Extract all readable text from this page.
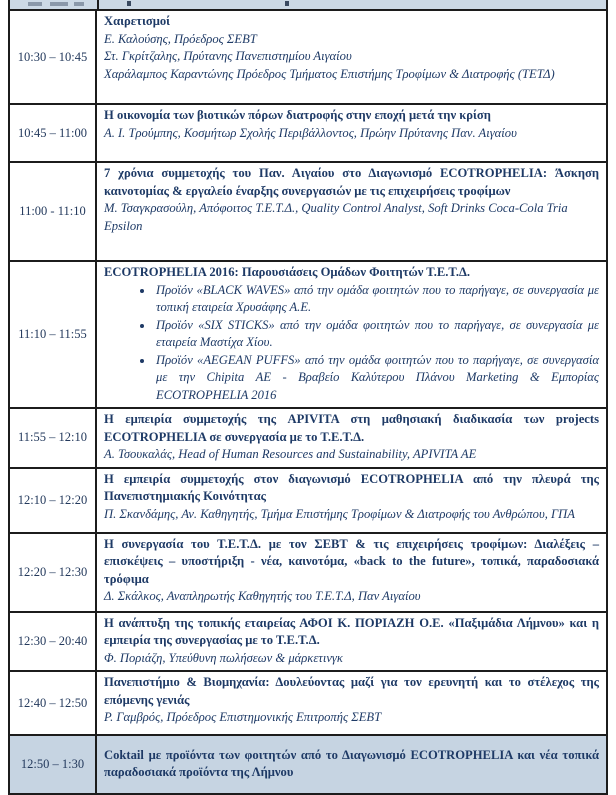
10:30 – 10:45
Χαιρετισμοί
Ε. Καλούσης, Πρόεδρος ΣΕΒΤ
Στ. Γκρίτζαλης, Πρύτανης Πανεπιστημίου Αιγαίου
Χαράλαμπος Καραντώνης Πρόεδρος Τμήματος Επιστήμης Τροφίμων & Διατροφής (ΤΕΤΔ)
10:45 – 11:00
Η οικονομία των βιοτικών πόρων διατροφής στην εποχή μετά την κρίση
Α. Ι. Τρούμπης, Κοσμήτωρ Σχολής Περιβάλλοντος, Πρώην Πρύτανης Παν. Αιγαίου
11:00 - 11:10
7 χρόνια συμμετοχής του Παν. Αιγαίου στο Διαγωνισμό ECOTROPHELIA: Άσκηση καινοτομίας & εργαλείο έναρξης συνεργασιών με τις επιχειρήσεις τροφίμων
Μ. Τσαγκρασούλη, Απόφοιτος Τ.Ε.Τ.Δ., Quality Control Analyst, Soft Drinks Coca-Cola Tria Epsilon
11:10 – 11:55
ECOTROPHELIA 2016: Παρουσιάσεις Ομάδων Φοιτητών Τ.Ε.Τ.Δ.
• Προϊόν «BLACK WAVES» από την ομάδα φοιτητών που το παρήγαγε, σε συνεργασία με τοπική εταιρεία Χρυσάφης Α.Ε.
• Προϊόν «SIX STICKS» από την ομάδα φοιτητών που το παρήγαγε, σε συνεργασία με εταιρεία Μαστίχα Χίου.
• Προϊόν «AEGEAN PUFFS» από την ομάδα φοιτητών που το παρήγαγε, σε συνεργασία με την Chipita ΑΕ - Βραβείο Καλύτερου Πλάνου Marketing & Εμπορίας ECOTROPHELIA 2016
11:55 – 12:10
Η εμπειρία συμμετοχής της APIVITA στη μαθησιακή διαδικασία των projects ECOTROPHELIA σε συνεργασία με το Τ.Ε.Τ.Δ.
Α. Τσουκαλάς, Head of Human Resources and Sustainability, APIVITA AE
12:10 – 12:20
Η εμπειρία συμμετοχής στον διαγωνισμό ECOTROPHELIA από την πλευρά της Πανεπιστημιακής Κοινότητας
Π. Σκανδάμης, Αν. Καθηγητής, Τμήμα Επιστήμης Τροφίμων & Διατροφής του Ανθρώπου, ΓΠΑ
12:20 – 12:30
Η συνεργασία του Τ.Ε.Τ.Δ. με τον ΣΕΒΤ & τις επιχειρήσεις τροφίμων: Διαλέξεις – επισκέψεις – υποστήριξη - νέα, καινοτόμα, «back to the future», τοπικά, παραδοσιακά τρόφιμα
Δ. Σκάλκος, Αναπληρωτής Καθηγητής του Τ.Ε.Τ.Δ, Παν Αιγαίου
12:30 – 20:40
Η ανάπτυξη της τοπικής εταιρείας ΑΦΟΙ Κ. ΠΟΡΙΑΖΗ Ο.Ε. «Παξιμάδια Λήμνου» και η εμπειρία της συνεργασίας με το Τ.Ε.Τ.Δ.
Φ. Ποριάζη, Υπεύθυνη πωλήσεων & μάρκετινγκ
12:40 – 12:50
Πανεπιστήμιο & Βιομηχανία: Δουλεύοντας μαζί για τον ερευνητή και το στέλεχος της επόμενης γενιάς
Ρ. Γαμβρός, Πρόεδρος Επιστημονικής Επιτροπής ΣΕΒΤ
12:50 – 1:30
Coktail με προϊόντα των φοιτητών από το Διαγωνισμό ECOTROPHELIA και νέα τοπικά παραδοσιακά προϊόντα της Λήμνου
